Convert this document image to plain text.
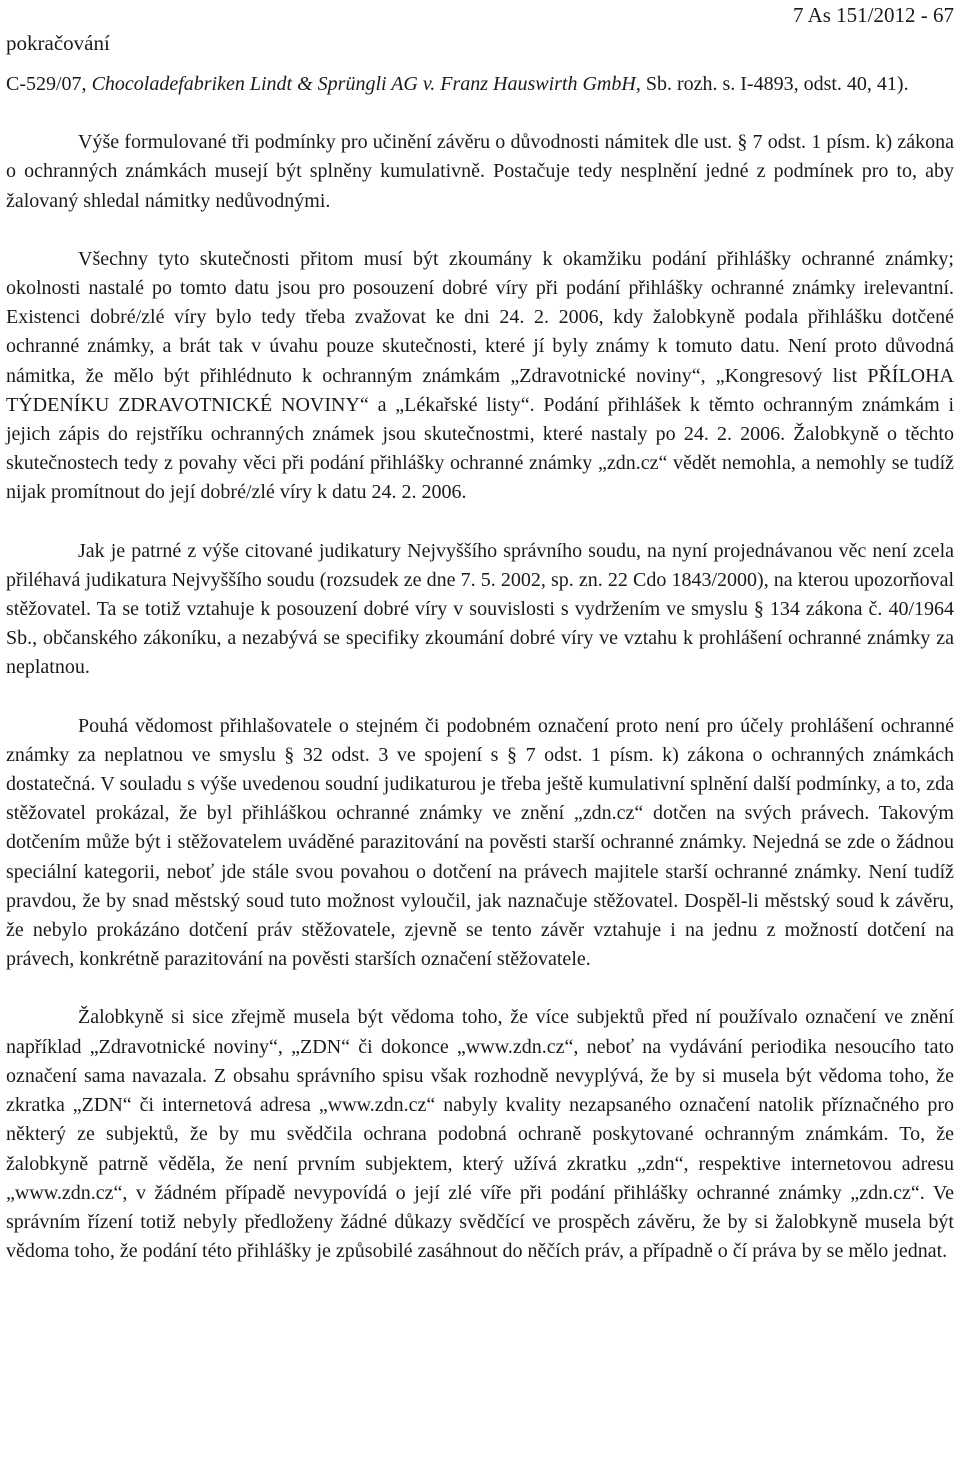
pokračování
7 As 151/2012 - 67

C-529/07, Chocoladefabriken Lindt & Sprüngli AG v. Franz Hauswirth GmbH, Sb. rozh. s. I-4893, odst. 40, 41).

Výše formulované tři podmínky pro učinění závěru o důvodnosti námitek dle ust. § 7 odst. 1 písm. k) zákona o ochranných známkách musejí být splněny kumulativně. Postačuje tedy nesplnění jedné z podmínek pro to, aby žalovaný shledal námitky nedůvodnými.

Všechny tyto skutečnosti přitom musí být zkoumány k okamžiku podání přihlášky ochranné známky; okolnosti nastalé po tomto datu jsou pro posouzení dobré víry při podání přihlášky ochranné známky irelevantní. Existenci dobré/zlé víry bylo tedy třeba zvažovat ke dni 24. 2. 2006, kdy žalobkyně podala přihlášku dotčené ochranné známky, a brát tak v úvahu pouze skutečnosti, které jí byly známy k tomuto datu. Není proto důvodná námitka, že mělo být přihlédnuto k ochranným známkám „Zdravotnické noviny“, „Kongresový list PŘÍLOHA TÝDENÍKU ZDRAVOTNICKÉ NOVINY“ a „Lékařské listy“. Podání přihlášek k těmto ochranným známkám i jejich zápis do rejstříku ochranných známek jsou skutečnostmi, které nastaly po 24. 2. 2006. Žalobkyně o těchto skutečnostech tedy z povahy věci při podání přihlášky ochranné známky „zdn.cz“ vědět nemohla, a nemohly se tudíž nijak promítnout do její dobré/zlé víry k datu 24. 2. 2006.

Jak je patrné z výše citované judikatury Nejvyššího správního soudu, na nyní projednávanou věc není zcela přiléhavá judikatura Nejvyššího soudu (rozsudek ze dne 7. 5. 2002, sp. zn. 22 Cdo 1843/2000), na kterou upozorňoval stěžovatel. Ta se totiž vztahuje k posouzení dobré víry v souvislosti s vydržením ve smyslu § 134 zákona č. 40/1964 Sb., občanského zákoníku, a nezabývá se specifiky zkoumání dobré víry ve vztahu k prohlášení ochranné známky za neplatnou.

Pouhá vědomost přihlašovatele o stejném či podobném označení proto není pro účely prohlášení ochranné známky za neplatnou ve smyslu § 32 odst. 3 ve spojení s § 7 odst. 1 písm. k) zákona o ochranných známkách dostatečná. V souladu s výše uvedenou soudní judikaturou je třeba ještě kumulativní splnění další podmínky, a to, zda stěžovatel prokázal, že byl přihláškou ochranné známky ve znění „zdn.cz“ dotčen na svých právech. Takovým dotčením může být i stěžovatelem uváděné parazitování na pověsti starší ochranné známky. Nejedná se zde o žádnou speciální kategorii, neboť jde stále svou povahou o dotčení na právech majitele starší ochranné známky. Není tudíž pravdou, že by snad městský soud tuto možnost vyloučil, jak naznačuje stěžovatel. Dospěl-li městský soud k závěru, že nebylo prokázáno dotčení práv stěžovatele, zjevně se tento závěr vztahuje i na jednu z možností dotčení na právech, konkrétně parazitování na pověsti starších označení stěžovatele.

Žalobkyně si sice zřejmě musela být vědoma toho, že více subjektů před ní používalo označení ve znění například „Zdravotnické noviny“, „ZDN“ či dokonce „www.zdn.cz“, neboť na vydávání periodika nesoucího tato označení sama navazala. Z obsahu správního spisu však rozhodně nevyplývá, že by si musela být vědoma toho, že zkratka „ZDN“ či internetová adresa „www.zdn.cz“ nabyly kvality nezapsaného označení natolik příznačného pro některý ze subjektů, že by mu svědčila ochrana podobná ochraně poskytované ochranným známkám. To, že žalobkyně patrně věděla, že není prvním subjektem, který užívá zkratku „zdn“, respektive internetovou adresu „www.zdn.cz“, v žádném případě nevypovídá o její zlé víře při podání přihlášky ochranné známky „zdn.cz“. Ve správním řízení totiž nebyly předloženy žádné důkazy svědčící ve prospěch závěru, že by si žalobkyně musela být vědoma toho, že podání této přihlášky je způsobilé zasáhnout do něčích práv, a případně o čí práva by se mělo jednat.
